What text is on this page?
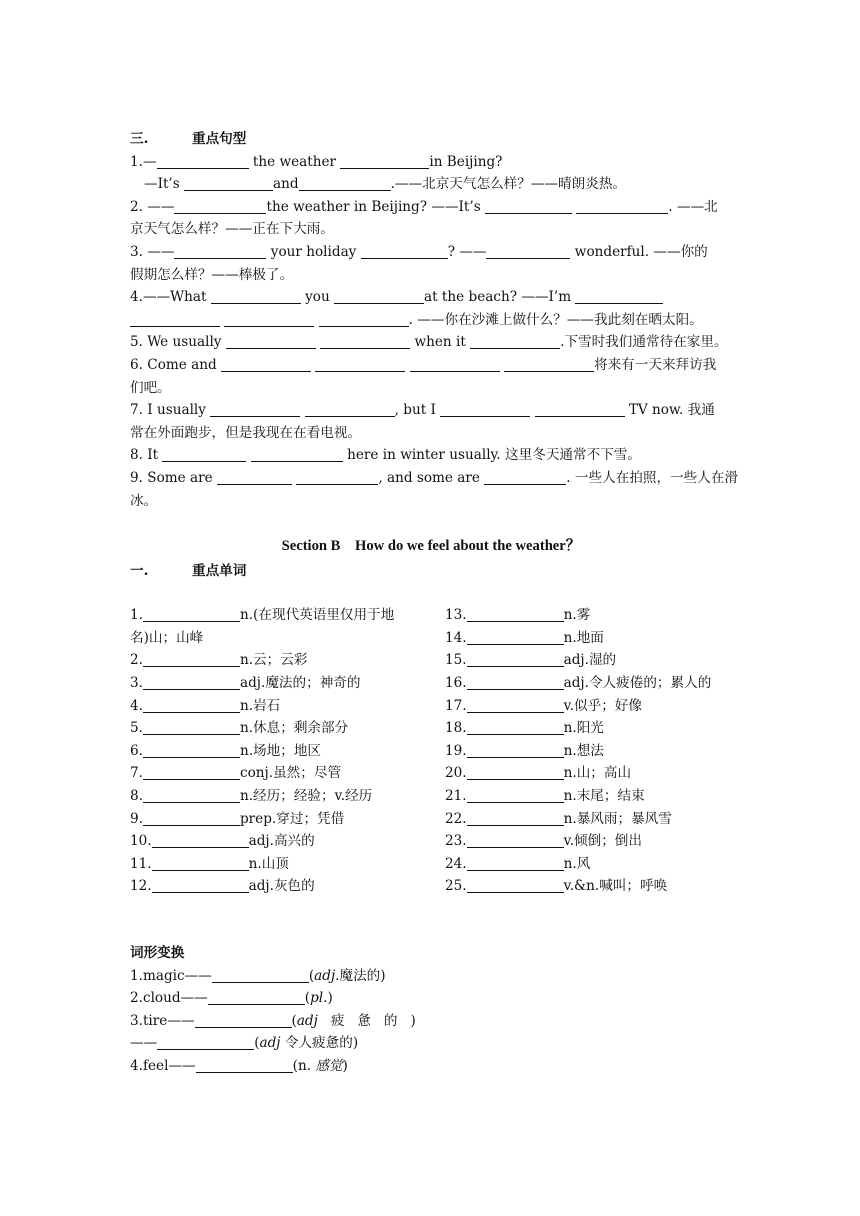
三.	重点句型
1.—	the weather	in Beijing?
—It’s	and	.——北京天气怎么样？——晴朗炎热。
2. ——	the weather in Beijing? ——It’s	. ——北
京天气怎么样？——正在下大雨。
3. ——	your holiday	? ——	wonderful. ——你的
假期怎么样？——棒极了。
4.——What	you	at the beach? ——I’m
. ——你在沙滩上做什么？——我此刻在晒太阳。
5. We usually	when it	.下雪时我们通常待在家里。
6. Come and	将来有一天来拜访我
们吧。
7. I usually	, but I	TV now. 我通
常在外面跑步，但是我现在在看电视。
8. It	here in winter usually. 这里冬天通常不下雪。
9. Some are	, and some are	. 一些人在拍照，一些人在滑
冰。
Section B    How do we feel about the weather？
一.	重点单词
1.	n.(在现代英语里仅用于地
名)山；山峰
2.	n.云；云彩
3.	adj.魔法的；神奇的
4.	n.岩石
5.	n.休息；剩余部分
6.	n.场地；地区
7.	conj.虽然；尽管
8.	n.经历；经验；v.经历
9.	prep.穿过；凭借
10.	adj.高兴的
11.	n.山顶
12.	adj.灰色的
13.	n.雾
14.	n.地面
15.	adj.湿的
16.	adj.令人疲倦的；累人的
17.	v.似乎；好像
18.	n.阳光
19.	n.想法
20.	n.山；高山
21.	n.末尾；结束
22.	n.暴风雨；暴风雪
23.	v.倾倒；倒出
24.	n.风
25.	v.&n.喊叫；呼唤
词形变换
1.magic——	(adj.魔法的)
2.cloud——	(pl.)
3.tire——	(adj   疲   惫   的   )
——	(adj 令人疲惫的)
4.feel——	(n. 感觉)
